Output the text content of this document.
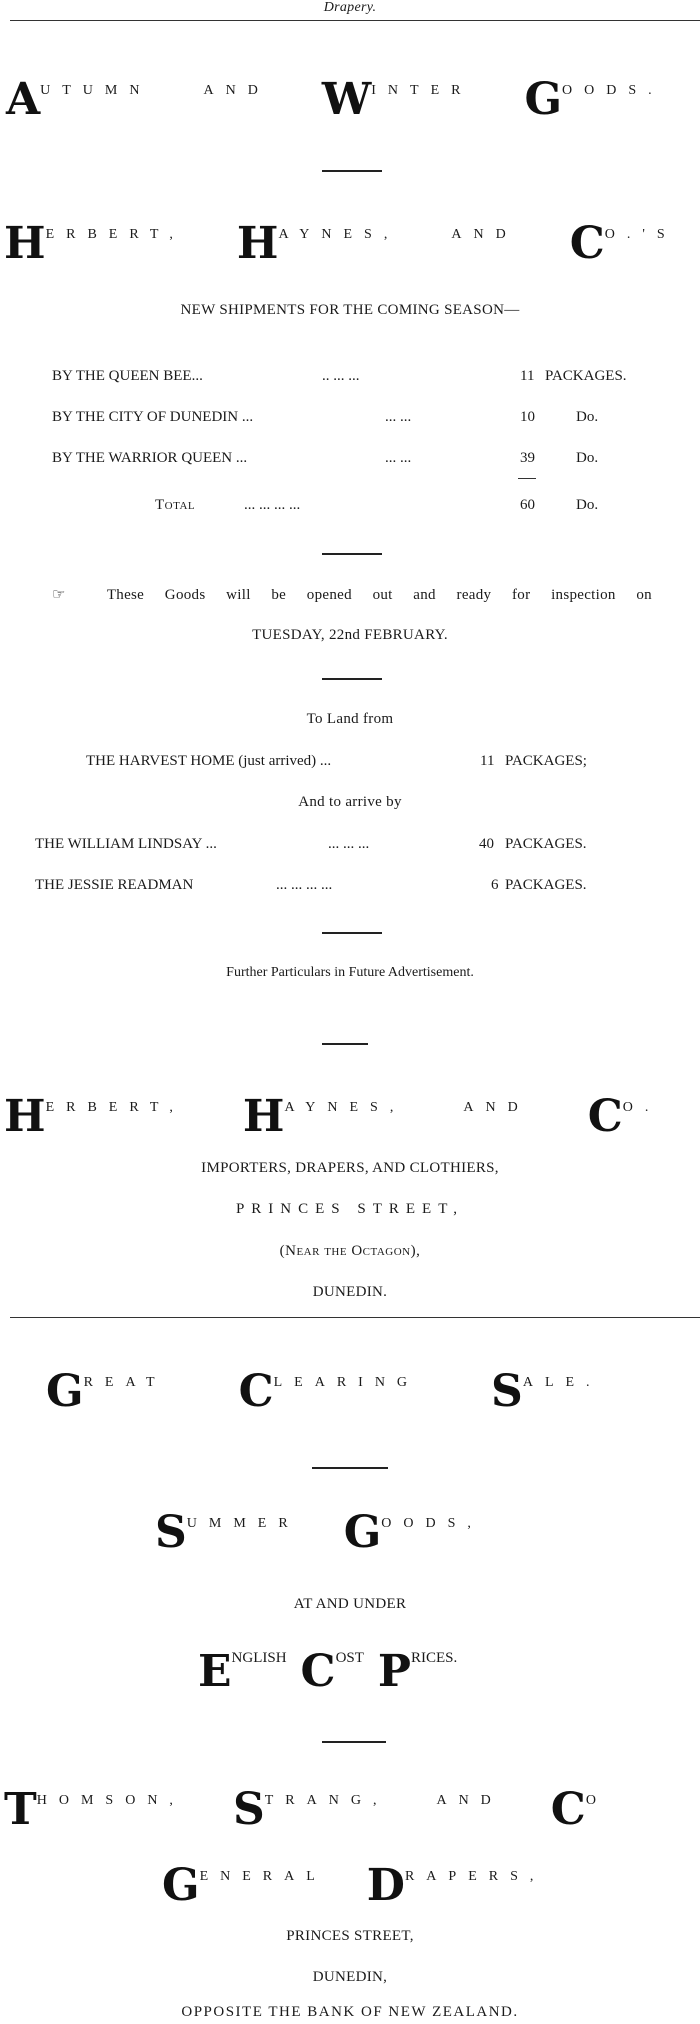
Drapery.
AUTUMN	AND WINTER GOODS.
HERBERT, HAYNES,	AND CO.'S
NEW SHIPMENTS FOR THE COMING SEASON—
BY THE QUEEN BEE...	.. ... ...	11 PACKAGES.
BY THE CITY OF DUNEDIN ...	... ...	10	Do.
BY THE WARRIOR QUEEN ...	... ...	39	Do.
Total	... ... ... ...	60	Do.
☞	These Goods will be opened out and ready for inspection on
TUESDAY, 22nd FEBRUARY.
To Land from
THE HARVEST HOME (just arrived) ...	11 PACKAGES;
And to arrive by
THE WILLIAM LINDSAY ...	... ... ...	40 PACKAGES.
THE JESSIE READMAN	... ... ... ...	6 PACKAGES.
Further Particulars in Future Advertisement.
HERBERT, HAYNES,	AND CO.
IMPORTERS, DRAPERS, AND CLOTHIERS,
PRINCES STREET,
(Near the Octagon),
DUNEDIN.
GREAT CLEARING SALE.
SUMMER GOODS,
AT AND UNDER
ENGLISH COST PRICES.
THOMSON, STRANG,	AND CO
GENERAL DRAPERS,
PRINCES STREET,
DUNEDIN,
OPPOSITE THE BANK OF NEW ZEALAND.
